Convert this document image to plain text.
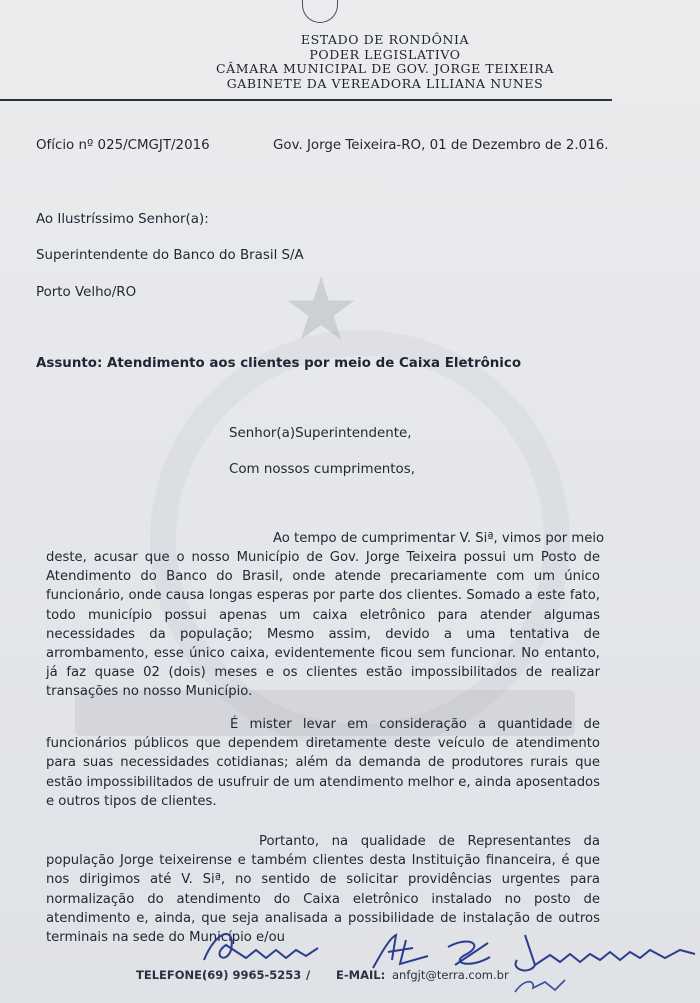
ESTADO DE RONDÔNIA
PODER LEGISLATIVO
CÂMARA MUNICIPAL DE GOV. JORGE TEIXEIRA
GABINETE DA VEREADORA LILIANA NUNES
Ofício nº 025/CMGJT/2016	Gov. Jorge Teixeira-RO, 01 de Dezembro de 2.016.
Ao Ilustríssimo Senhor(a):
Superintendente do Banco do Brasil S/A
Porto Velho/RO
Assunto: Atendimento aos clientes por meio de Caixa Eletrônico
Senhor(a)Superintendente,
Com nossos cumprimentos,
Ao tempo de cumprimentar V. Siª, vimos por meio
deste, acusar que o nosso Município de Gov. Jorge Teixeira possui um Posto de Atendimento do Banco do Brasil, onde atende precariamente com um único funcionário, onde causa longas esperas por parte dos clientes. Somado a este fato, todo município possui apenas um caixa eletrônico para atender algumas necessidades da população; Mesmo assim, devido a uma tentativa de arrombamento, esse único caixa, evidentemente ficou sem funcionar. No entanto, já faz quase 02 (dois) meses e os clientes estão impossibilitados de realizar transações no nosso Município.
É mister levar em consideração a quantidade de funcionários públicos que dependem diretamente deste veículo de atendimento para suas necessidades cotidianas; além da demanda de produtores rurais que estão impossibilitados de usufruir de um atendimento melhor e, ainda aposentados e outros tipos de clientes.
Portanto, na qualidade de Representantes da população Jorge teixeirense e também clientes desta Instituição financeira, é que nos dirigimos até V. Siª, no sentido de solicitar providências urgentes para normalização do atendimento do Caixa eletrônico instalado no posto de atendimento e, ainda, que seja analisada a possibilidade de instalação de outros terminais na sede do Município e/ou
TELEFONE:
(69) 9965-5253 / E-MAIL: anfgjt@terra.com.br
